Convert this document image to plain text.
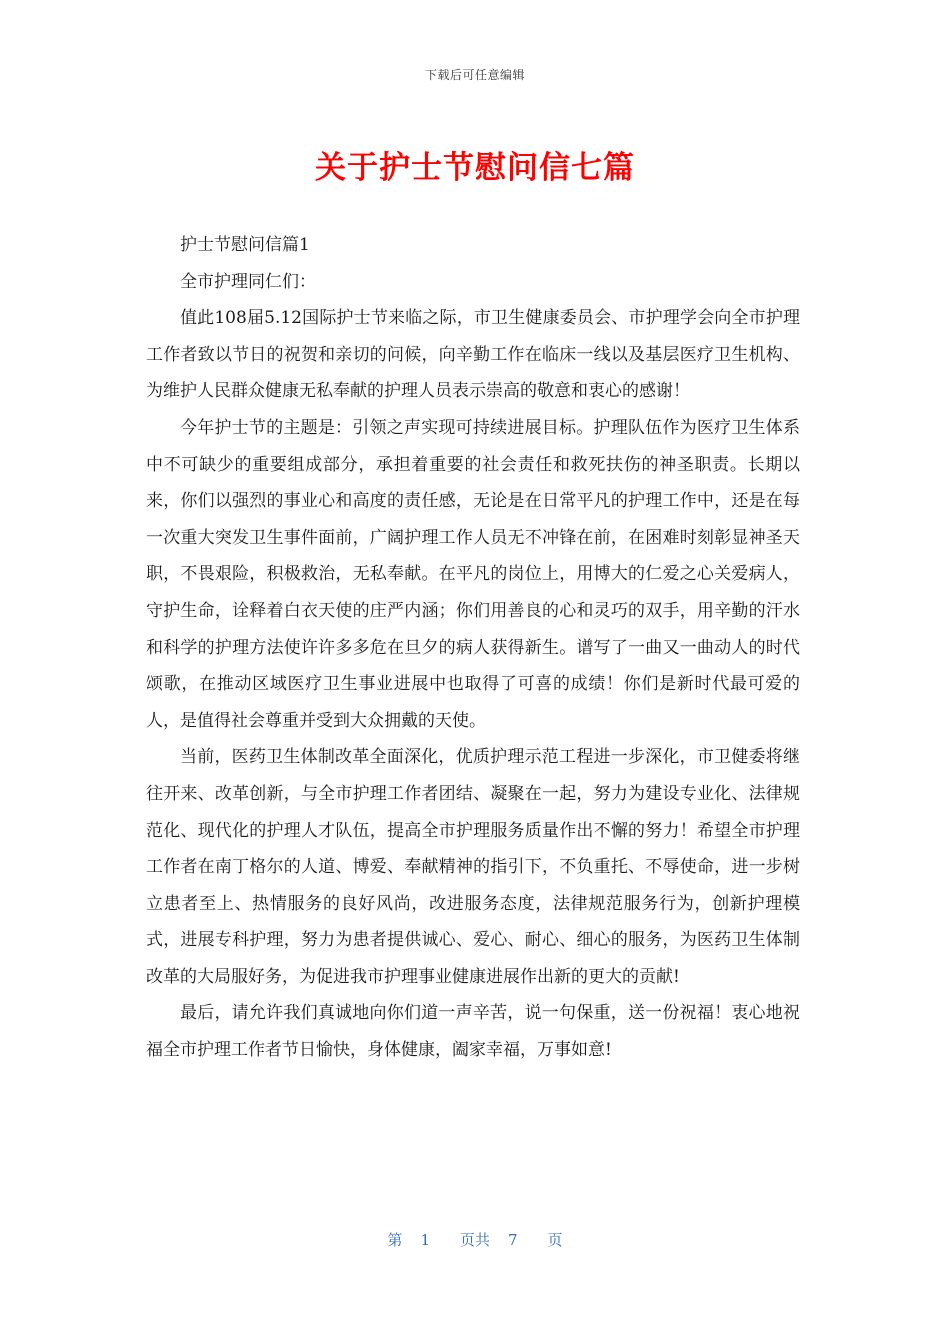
下载后可任意编辑
关于护士节慰问信七篇

护士节慰问信篇1

全市护理同仁们：

值此108届5.12国际护士节来临之际，市卫生健康委员会、市护理学会向全市护理工作者致以节日的祝贺和亲切的问候，向辛勤工作在临床一线以及基层医疗卫生机构、为维护人民群众健康无私奉献的护理人员表示崇高的敬意和衷心的感谢！

今年护士节的主题是：引领之声实现可持续进展目标。护理队伍作为医疗卫生体系中不可缺少的重要组成部分，承担着重要的社会责任和救死扶伤的神圣职责。长期以来，你们以强烈的事业心和高度的责任感，无论是在日常平凡的护理工作中，还是在每一次重大突发卫生事件面前，广阔护理工作人员无不冲锋在前，在困难时刻彰显神圣天职，不畏艰险，积极救治，无私奉献。在平凡的岗位上，用博大的仁爱之心关爱病人，守护生命，诠释着白衣天使的庄严内涵；你们用善良的心和灵巧的双手，用辛勤的汗水和科学的护理方法使许许多多危在旦夕的病人获得新生。谱写了一曲又一曲动人的时代颂歌，在推动区域医疗卫生事业进展中也取得了可喜的成绩！你们是新时代最可爱的人，是值得社会尊重并受到大众拥戴的天使。

当前，医药卫生体制改革全面深化，优质护理示范工程进一步深化，市卫健委将继往开来、改革创新，与全市护理工作者团结、凝聚在一起，努力为建设专业化、法律规范化、现代化的护理人才队伍，提高全市护理服务质量作出不懈的努力！希望全市护理工作者在南丁格尔的人道、博爱、奉献精神的指引下，不负重托、不辱使命，进一步树立患者至上、热情服务的良好风尚，改进服务态度，法律规范服务行为，创新护理模式，进展专科护理，努力为患者提供诚心、爱心、耐心、细心的服务，为医药卫生体制改革的大局服好务，为促进我市护理事业健康进展作出新的更大的贡献!

最后，请允许我们真诚地向你们道一声辛苦，说一句保重，送一份祝福！衷心地祝福全市护理工作者节日愉快，身体健康，阖家幸福，万事如意!

第 1 页共 7 页
